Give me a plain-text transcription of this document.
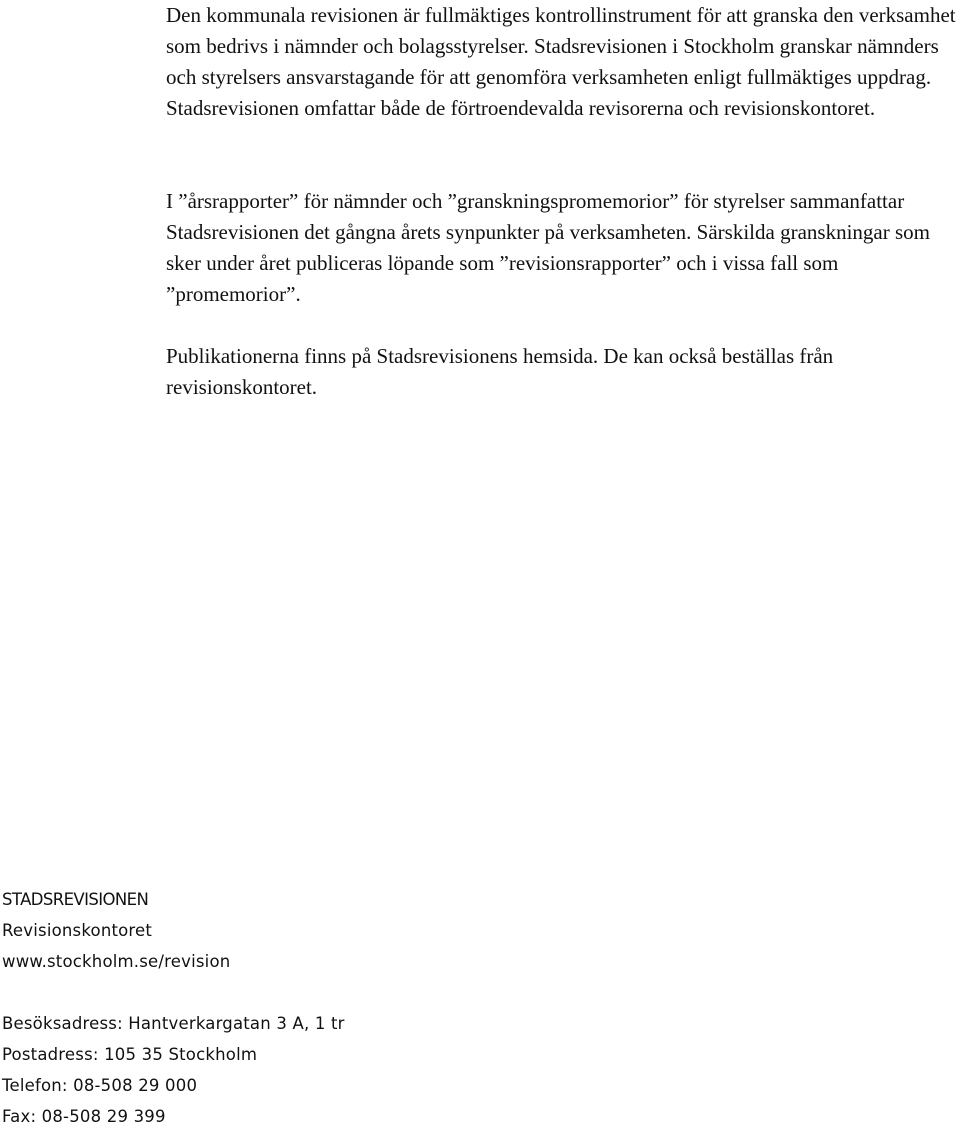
Den kommunala revisionen är fullmäktiges kontrollinstrument för att granska den verksamhet som bedrivs i nämnder och bolagsstyrelser. Stadsrevisionen i Stockholm granskar nämnders och styrelsers ansvarstagande för att genomföra verksamheten enligt fullmäktiges uppdrag. Stadsrevisionen omfattar både de förtroendevalda revisorerna och revisionskontoret.

I ”årsrapporter” för nämnder och ”granskningspromemorior” för styrelser sammanfattar Stadsrevisionen det gångna årets synpunkter på verksamheten. Särskilda granskningar som sker under året publiceras löpande som ”revisionsrapporter” och i vissa fall som ”promemorior”.

Publikationerna finns på Stadsrevisionens hemsida. De kan också beställas från revisionskontoret.

STADSREVISIONEN
Revisionskontoret
www.stockholm.se/revision
Besöksadress: Hantverkargatan 3 A, 1 tr
Postadress: 105 35 Stockholm
Telefon: 08-508 29 000
Fax: 08-508 29 399
